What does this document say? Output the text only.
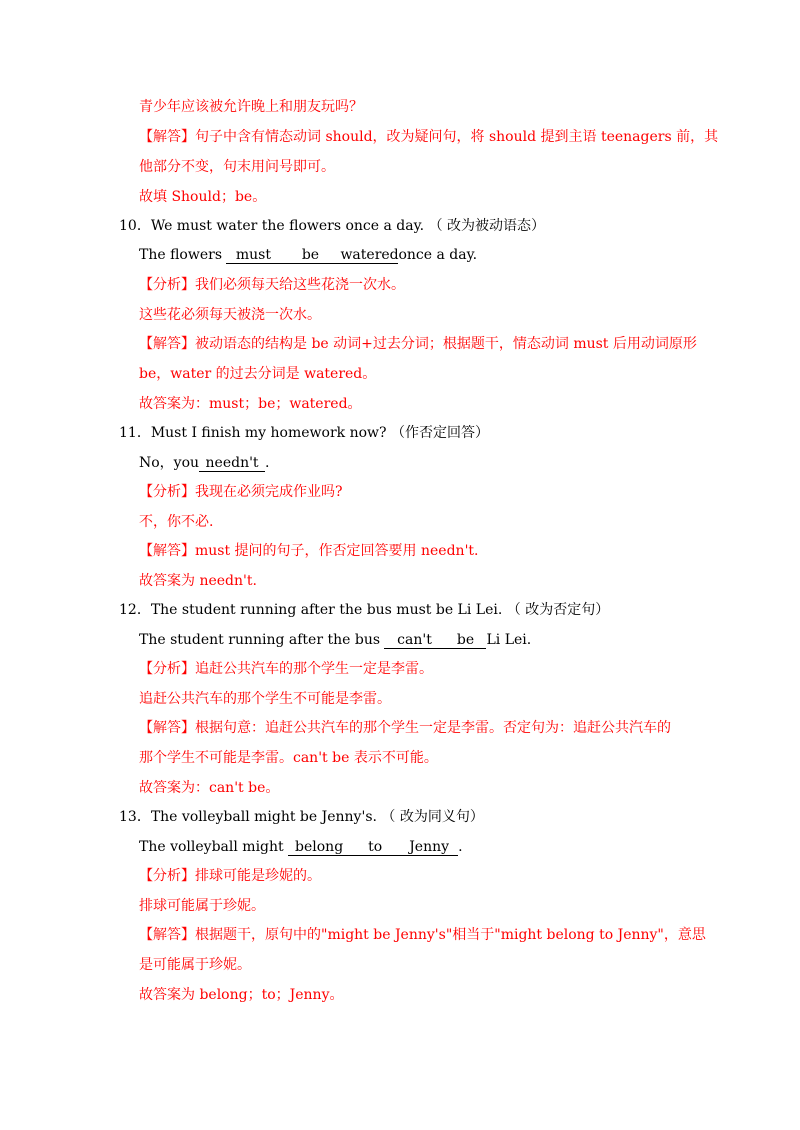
青少年应该被允许晚上和朋友玩吗？
【解答】句子中含有情态动词 should，改为疑问句，将 should 提到主语 teenagers 前，其
他部分不变，句末用问号即可。
故填 Should；be。
10．We must water the flowers once a day. （ 改为被动语态）
The flowers must be wateredonce a day.
【分析】我们必须每天给这些花浇一次水。
这些花必须每天被浇一次水。
【解答】被动语态的结构是 be 动词+过去分词；根据题干，情态动词 must 后用动词原形
be，water 的过去分词是 watered。
故答案为：must；be；watered。
11．Must I finish my homework now? （作否定回答）
No，you needn't .
【分析】我现在必须完成作业吗?
不，你不必.
【解答】must 提问的句子，作否定回答要用 needn't.
故答案为 needn't.
12．The student running after the bus must be Li Lei. （ 改为否定句）
The student running after the bus can't be Li Lei.
【分析】追赶公共汽车的那个学生一定是李雷。
追赶公共汽车的那个学生不可能是李雷。
【解答】根据句意：追赶公共汽车的那个学生一定是李雷。否定句为：追赶公共汽车的
那个学生不可能是李雷。can't be 表示不可能。
故答案为：can't be。
13．The volleyball might be Jenny's. （ 改为同义句）
The volleyball might belong to Jenny .
【分析】排球可能是珍妮的。
排球可能属于珍妮。
【解答】根据题干，原句中的"might be Jenny's"相当于"might belong to Jenny"，意思
是可能属于珍妮。
故答案为 belong；to；Jenny。
